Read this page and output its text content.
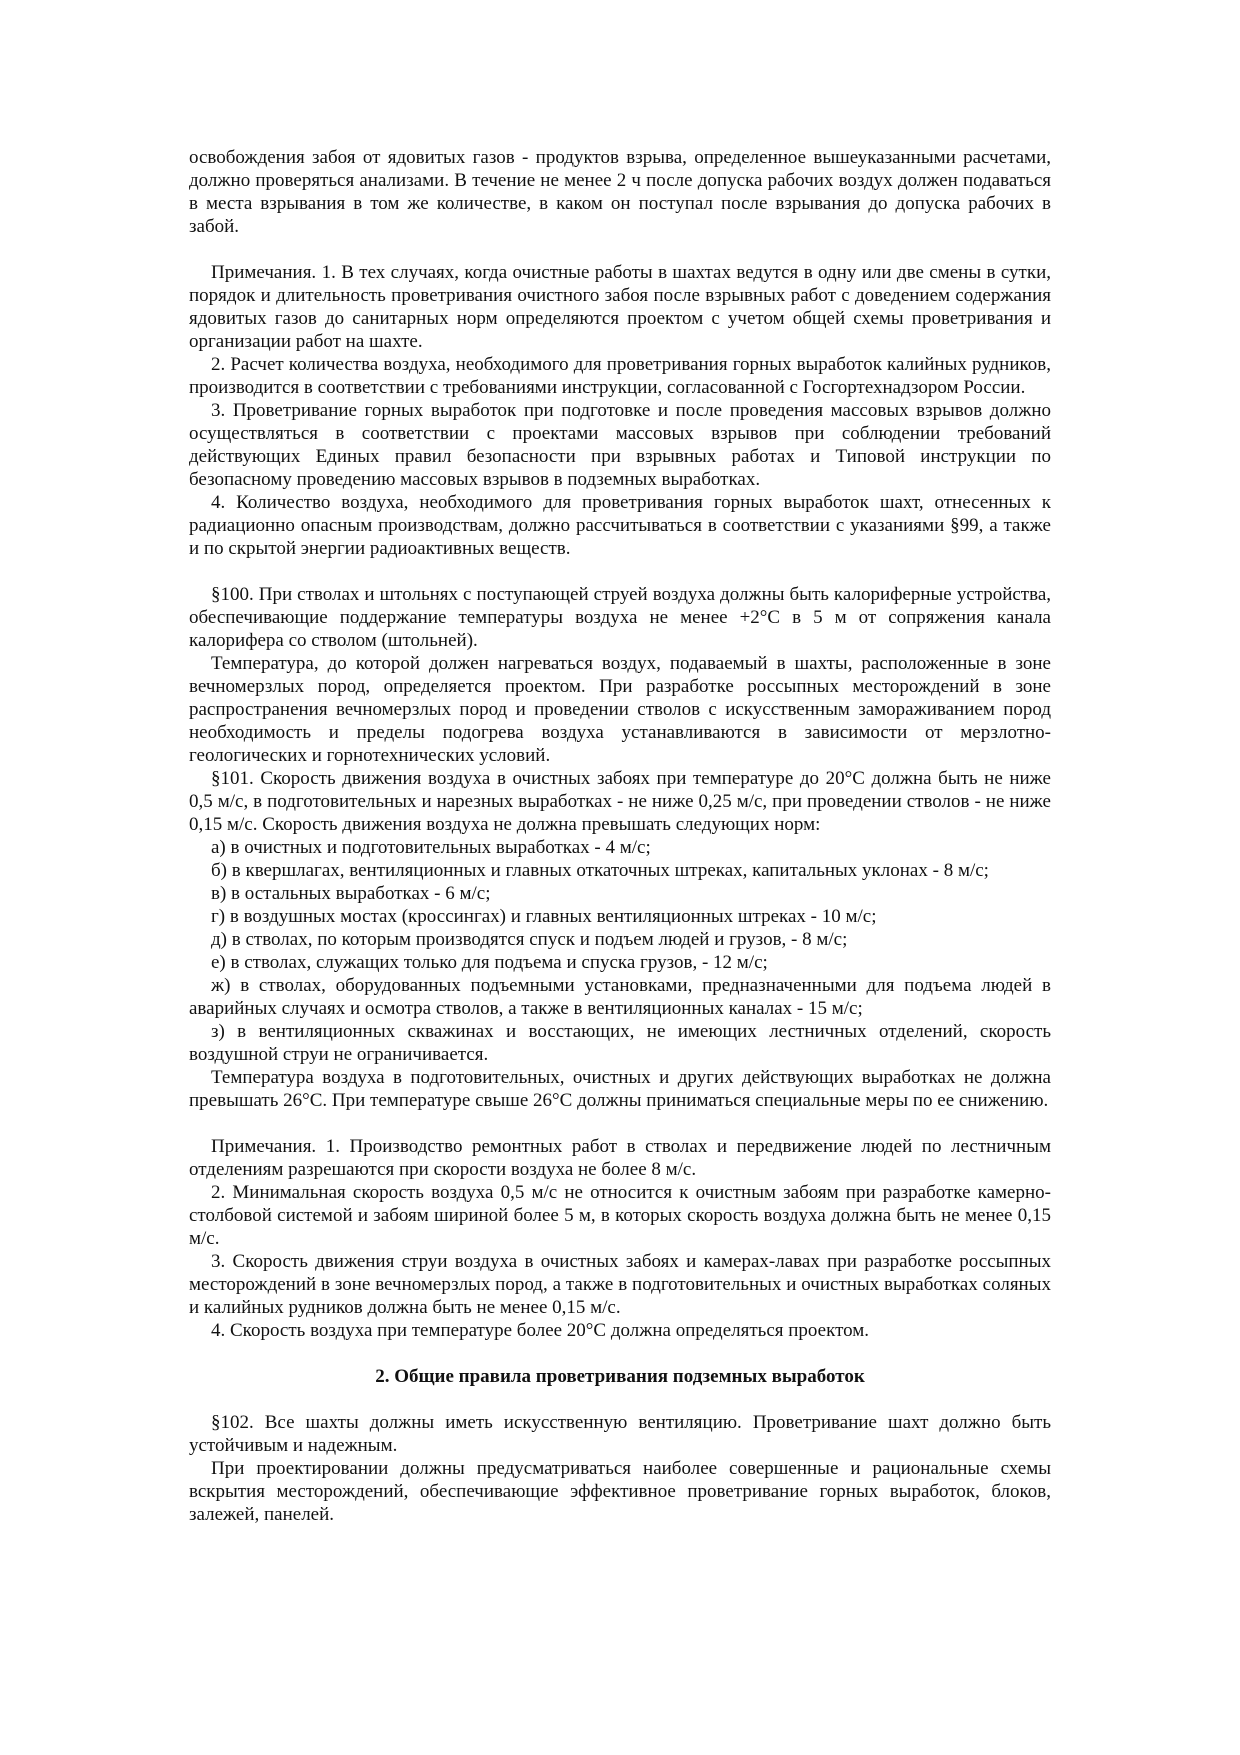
освобождения забоя от ядовитых газов - продуктов взрыва, определенное вышеуказанными расчетами, должно проверяться анализами. В течение не менее 2 ч после допуска рабочих воздух должен подаваться в места взрывания в том же количестве, в каком он поступал после взрывания до допуска рабочих в забой.

Примечания. 1. В тех случаях, когда очистные работы в шахтах ведутся в одну или две смены в сутки, порядок и длительность проветривания очистного забоя после взрывных работ с доведением содержания ядовитых газов до санитарных норм определяются проектом с учетом общей схемы проветривания и организации работ на шахте.

2. Расчет количества воздуха, необходимого для проветривания горных выработок калийных рудников, производится в соответствии с требованиями инструкции, согласованной с Госгортехнадзором России.

3. Проветривание горных выработок при подготовке и после проведения массовых взрывов должно осуществляться в соответствии с проектами массовых взрывов при соблюдении требований действующих Единых правил безопасности при взрывных работах и Типовой инструкции по безопасному проведению массовых взрывов в подземных выработках.

4. Количество воздуха, необходимого для проветривания горных выработок шахт, отнесенных к радиационно опасным производствам, должно рассчитываться в соответствии с указаниями §99, а также и по скрытой энергии радиоактивных веществ.

§100. При стволах и штольнях с поступающей струей воздуха должны быть калориферные устройства, обеспечивающие поддержание температуры воздуха не менее +2°С в 5 м от сопряжения канала калорифера со стволом (штольней).

Температура, до которой должен нагреваться воздух, подаваемый в шахты, расположенные в зоне вечномерзлых пород, определяется проектом. При разработке россыпных месторождений в зоне распространения вечномерзлых пород и проведении стволов с искусственным замораживанием пород необходимость и пределы подогрева воздуха устанавливаются в зависимости от мерзлотно-геологических и горнотехнических условий.

§101. Скорость движения воздуха в очистных забоях при температуре до 20°С должна быть не ниже 0,5 м/с, в подготовительных и нарезных выработках - не ниже 0,25 м/с, при проведении стволов - не ниже 0,15 м/с. Скорость движения воздуха не должна превышать следующих норм:

а) в очистных и подготовительных выработках - 4 м/с;

б) в квершлагах, вентиляционных и главных откаточных штреках, капитальных уклонах - 8 м/с;

в) в остальных выработках - 6 м/с;

г) в воздушных мостах (кроссингах) и главных вентиляционных штреках - 10 м/с;

д) в стволах, по которым производятся спуск и подъем людей и грузов, - 8 м/с;

е) в стволах, служащих только для подъема и спуска грузов, - 12 м/с;

ж) в стволах, оборудованных подъемными установками, предназначенными для подъема людей в аварийных случаях и осмотра стволов, а также в вентиляционных каналах - 15 м/с;

з) в вентиляционных скважинах и восстающих, не имеющих лестничных отделений, скорость воздушной струи не ограничивается.

Температура воздуха в подготовительных, очистных и других действующих выработках не должна превышать 26°С. При температуре свыше 26°С должны приниматься специальные меры по ее снижению.

Примечания. 1. Производство ремонтных работ в стволах и передвижение людей по лестничным отделениям разрешаются при скорости воздуха не более 8 м/с.

2. Минимальная скорость воздуха 0,5 м/с не относится к очистным забоям при разработке камерно-столбовой системой и забоям шириной более 5 м, в которых скорость воздуха должна быть не менее 0,15 м/с.

3. Скорость движения струи воздуха в очистных забоях и камерах-лавах при разработке россыпных месторождений в зоне вечномерзлых пород, а также в подготовительных и очистных выработках соляных и калийных рудников должна быть не менее 0,15 м/с.

4. Скорость воздуха при температуре более 20°С должна определяться проектом.

2. Общие правила проветривания подземных выработок

§102. Все шахты должны иметь искусственную вентиляцию. Проветривание шахт должно быть устойчивым и надежным.

При проектировании должны предусматриваться наиболее совершенные и рациональные схемы вскрытия месторождений, обеспечивающие эффективное проветривание горных выработок, блоков, залежей, панелей.
